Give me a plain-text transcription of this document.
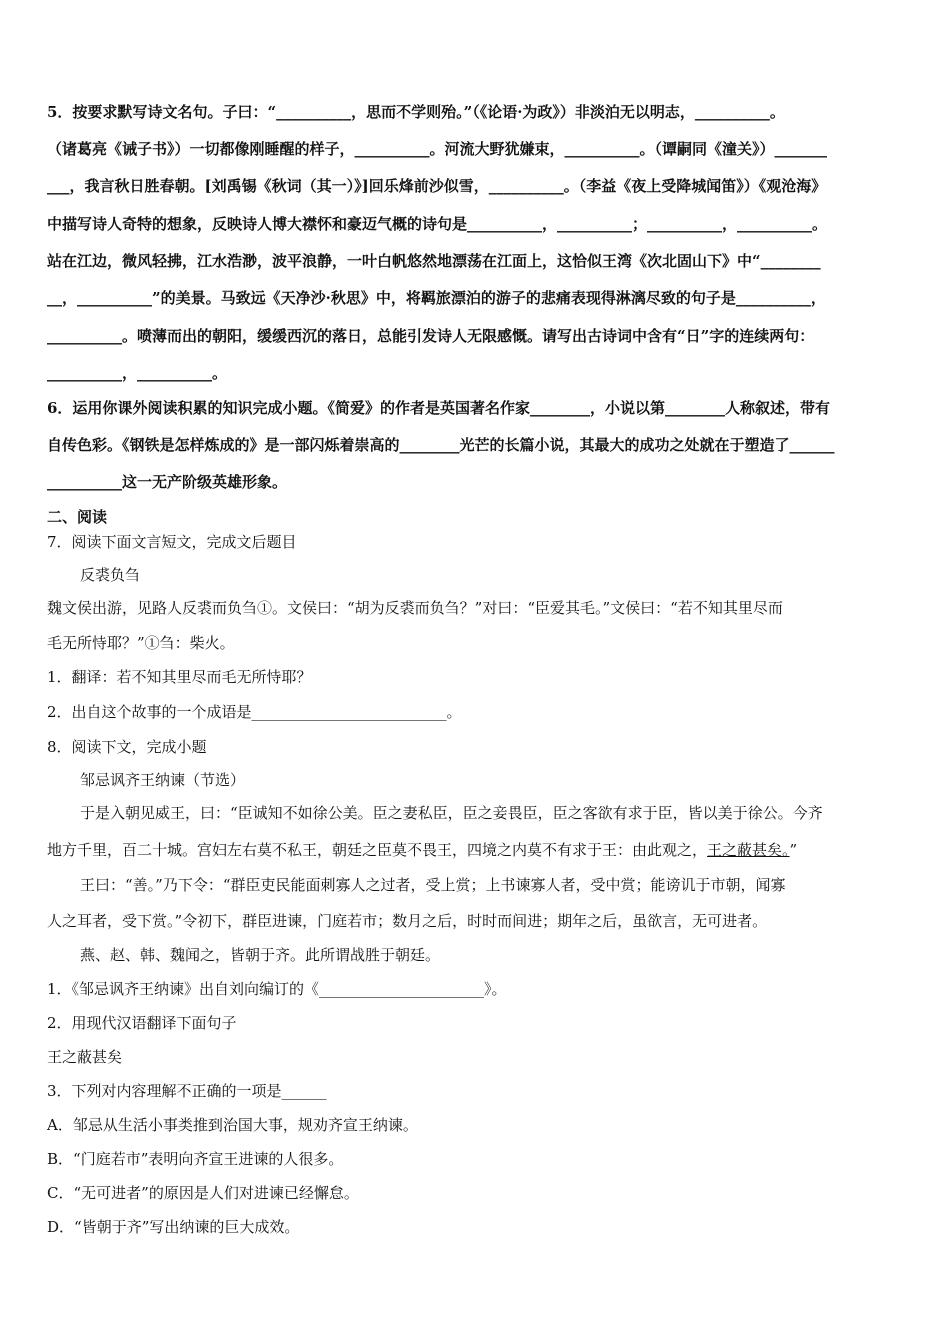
5．按要求默写诗文名句。子曰：“__________，思而不学则殆。”（《论语·为政》）非淡泊无以明志，__________。
（诸葛亮《诫子书》）一切都像刚睡醒的样子，__________。河流大野犹嫌束，__________。（谭嗣同《潼关》）_______
___，我言秋日胜春朝。[刘禹锡《秋词（其一）》]回乐烽前沙似雪，__________。（李益《夜上受降城闻笛》）《观沧海》
中描写诗人奇特的想象，反映诗人博大襟怀和豪迈气概的诗句是__________，__________；__________，__________。
站在江边，微风轻拂，江水浩渺，波平浪静，一叶白帆悠然地漂荡在江面上，这恰似王湾《次北固山下》中“________
__，__________”的美景。马致远《天净沙·秋思》中，将羁旅漂泊的游子的悲痛表现得淋漓尽致的句子是__________，
__________。喷薄而出的朝阳，缓缓西沉的落日，总能引发诗人无限感慨。请写出古诗词中含有“日”字的连续两句：
__________，__________。
6．运用你课外阅读积累的知识完成小题。《简爱》的作者是英国著名作家________，小说以第________人称叙述，带有
自传色彩。《钢铁是怎样炼成的》是一部闪烁着崇高的________光芒的长篇小说，其最大的成功之处就在于塑造了______
__________这一无产阶级英雄形象。
二、阅读
7．阅读下面文言短文，完成文后题目
反裘负刍
魏文侯出游，见路人反裘而负刍①。文侯曰：“胡为反裘而负刍？”对曰：“臣爱其毛。”文侯曰：“若不知其里尽而
毛无所恃耶？”①刍：柴火。
1．翻译：若不知其里尽而毛无所恃耶？
2．出自这个故事的一个成语是__________________________。
8．阅读下文，完成小题
邹忌讽齐王纳谏（节选）
于是入朝见威王，曰：“臣诚知不如徐公美。臣之妻私臣，臣之妾畏臣，臣之客欲有求于臣，皆以美于徐公。今齐
地方千里，百二十城。宫妇左右莫不私王，朝廷之臣莫不畏王，四境之内莫不有求于王：由此观之，王之蔽甚矣。”
王曰：“善。”乃下令：“群臣吏民能面刺寡人之过者，受上赏；上书谏寡人者，受中赏；能谤讥于市朝，闻寡
人之耳者，受下赏。”令初下，群臣进谏，门庭若市；数月之后，时时而间进；期年之后，虽欲言，无可进者。
燕、赵、韩、魏闻之，皆朝于齐。此所谓战胜于朝廷。
1．《邹忌讽齐王纳谏》出自刘向编订的《______________________》。
2．用现代汉语翻译下面句子
王之蔽甚矣
3．下列对内容理解不正确的一项是______
A．邹忌从生活小事类推到治国大事，规劝齐宣王纳谏。
B．“门庭若市”表明向齐宣王进谏的人很多。
C．“无可进者”的原因是人们对进谏已经懈怠。
D．“皆朝于齐”写出纳谏的巨大成效。
